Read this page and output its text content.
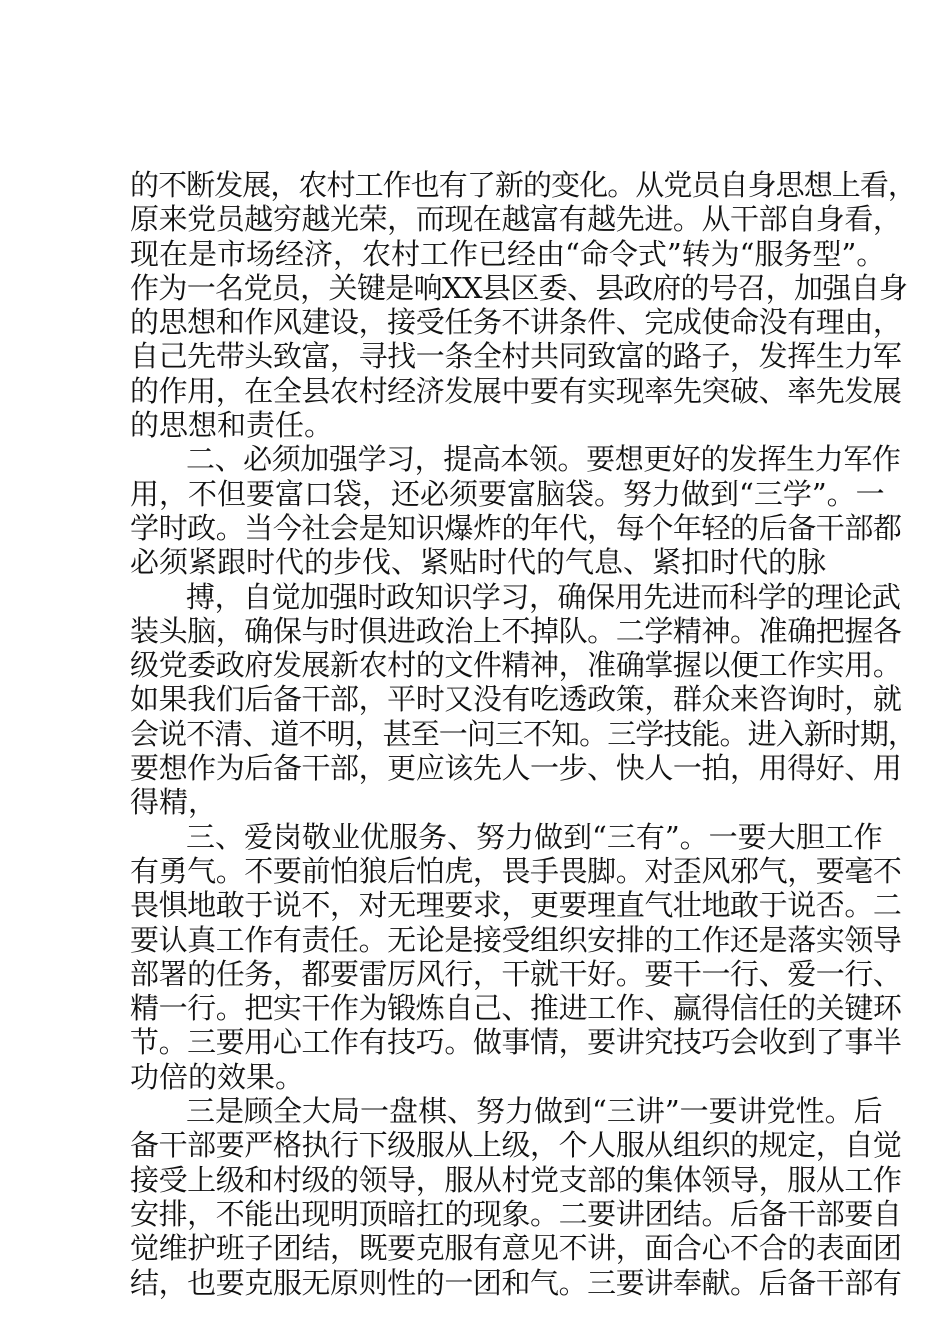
的不断发展，农村工作也有了新的变化。从党员自身思想上看，
原来党员越穷越光荣，而现在越富有越先进。从干部自身看，
现在是市场经济，农村工作已经由“命令式”转为“服务型”。
作为一名党员，关键是响XX县区委、县政府的号召，加强自身
的思想和作风建设，接受任务不讲条件、完成使命没有理由，
自己先带头致富，寻找一条全村共同致富的路子，发挥生力军
的作用，在全县农村经济发展中要有实现率先突破、率先发展
的思想和责任。
二、必须加强学习，提高本领。要想更好的发挥生力军作
用，不但要富口袋，还必须要富脑袋。努力做到“三学”。一
学时政。当今社会是知识爆炸的年代，每个年轻的后备干部都
必须紧跟时代的步伐、紧贴时代的气息、紧扣时代的脉
搏，自觉加强时政知识学习，确保用先进而科学的理论武
装头脑，确保与时俱进政治上不掉队。二学精神。准确把握各
级党委政府发展新农村的文件精神，准确掌握以便工作实用。
如果我们后备干部，平时又没有吃透政策，群众来咨询时，就
会说不清、道不明，甚至一问三不知。三学技能。进入新时期，
要想作为后备干部，更应该先人一步、快人一拍，用得好、用
得精，
三、爱岗敬业优服务、努力做到“三有”。一要大胆工作
有勇气。不要前怕狼后怕虎，畏手畏脚。对歪风邪气，要毫不
畏惧地敢于说不，对无理要求，更要理直气壮地敢于说否。二
要认真工作有责任。无论是接受组织安排的工作还是落实领导
部署的任务，都要雷厉风行，干就干好。要干一行、爱一行、
精一行。把实干作为锻炼自己、推进工作、赢得信任的关键环
节。三要用心工作有技巧。做事情，要讲究技巧会收到了事半
功倍的效果。
三是顾全大局一盘棋、努力做到“三讲”一要讲党性。后
备干部要严格执行下级服从上级，个人服从组织的规定，自觉
接受上级和村级的领导，服从村党支部的集体领导，服从工作
安排，不能出现明顶暗扛的现象。二要讲团结。后备干部要自
觉维护班子团结，既要克服有意见不讲，面合心不合的表面团
结，也要克服无原则性的一团和气。三要讲奉献。后备干部有
